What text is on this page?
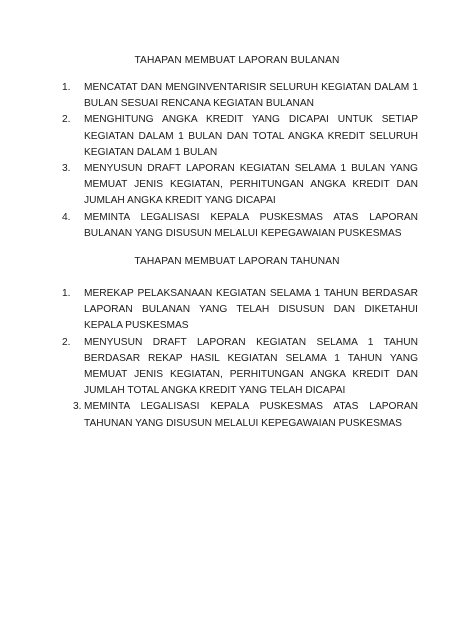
TAHAPAN MEMBUAT LAPORAN BULANAN
1.	MENCATAT DAN MENGINVENTARISIR SELURUH KEGIATAN DALAM 1 BULAN SESUAI RENCANA KEGIATAN BULANAN
2.	MENGHITUNG ANGKA KREDIT YANG DICAPAI UNTUK SETIAP KEGIATAN DALAM 1 BULAN DAN TOTAL ANGKA KREDIT SELURUH KEGIATAN DALAM 1 BULAN
3.	MENYUSUN DRAFT LAPORAN KEGIATAN SELAMA 1 BULAN YANG MEMUAT JENIS KEGIATAN, PERHITUNGAN ANGKA KREDIT DAN JUMLAH ANGKA KREDIT YANG DICAPAI
4.	MEMINTA LEGALISASI KEPALA PUSKESMAS ATAS LAPORAN BULANAN YANG DISUSUN MELALUI KEPEGAWAIAN PUSKESMAS
TAHAPAN MEMBUAT LAPORAN TAHUNAN
1.	MEREKAP PELAKSANAAN KEGIATAN SELAMA 1 TAHUN BERDASAR LAPORAN BULANAN YANG TELAH DISUSUN DAN DIKETAHUI KEPALA PUSKESMAS
2.	MENYUSUN DRAFT LAPORAN KEGIATAN SELAMA 1 TAHUN BERDASAR REKAP HASIL KEGIATAN SELAMA 1 TAHUN YANG MEMUAT JENIS KEGIATAN, PERHITUNGAN ANGKA KREDIT DAN JUMLAH TOTAL ANGKA KREDIT YANG TELAH DICAPAI
3. MEMINTA LEGALISASI KEPALA PUSKESMAS ATAS LAPORAN TAHUNAN YANG DISUSUN MELALUI KEPEGAWAIAN PUSKESMAS
